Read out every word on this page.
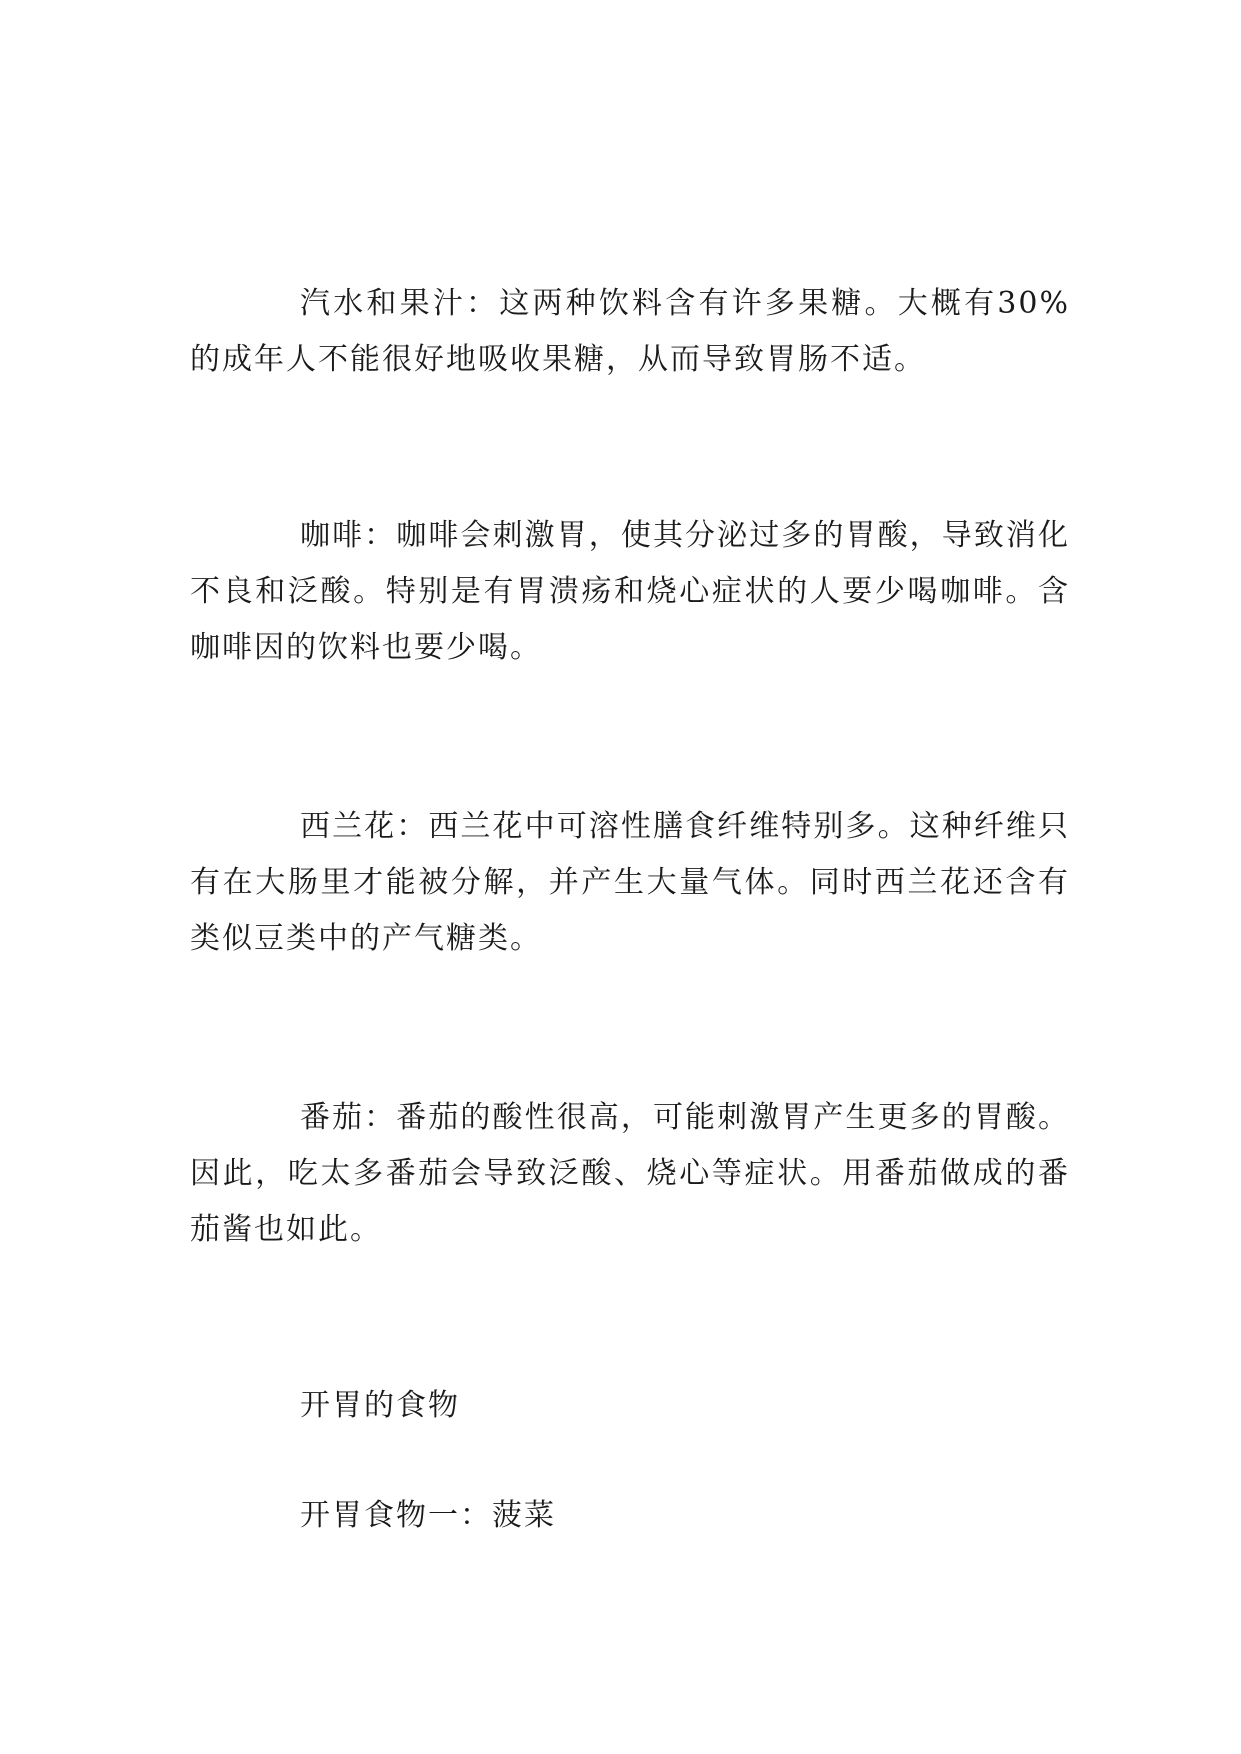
汽水和果汁：这两种饮料含有许多果糖。大概有30%的成年人不能很好地吸收果糖，从而导致胃肠不适。

咖啡：咖啡会刺激胃，使其分泌过多的胃酸，导致消化不良和泛酸。特别是有胃溃疡和烧心症状的人要少喝咖啡。含咖啡因的饮料也要少喝。

西兰花：西兰花中可溶性膳食纤维特别多。这种纤维只有在大肠里才能被分解，并产生大量气体。同时西兰花还含有类似豆类中的产气糖类。

番茄：番茄的酸性很高，可能刺激胃产生更多的胃酸。因此，吃太多番茄会导致泛酸、烧心等症状。用番茄做成的番茄酱也如此。

开胃的食物

开胃食物一：菠菜
